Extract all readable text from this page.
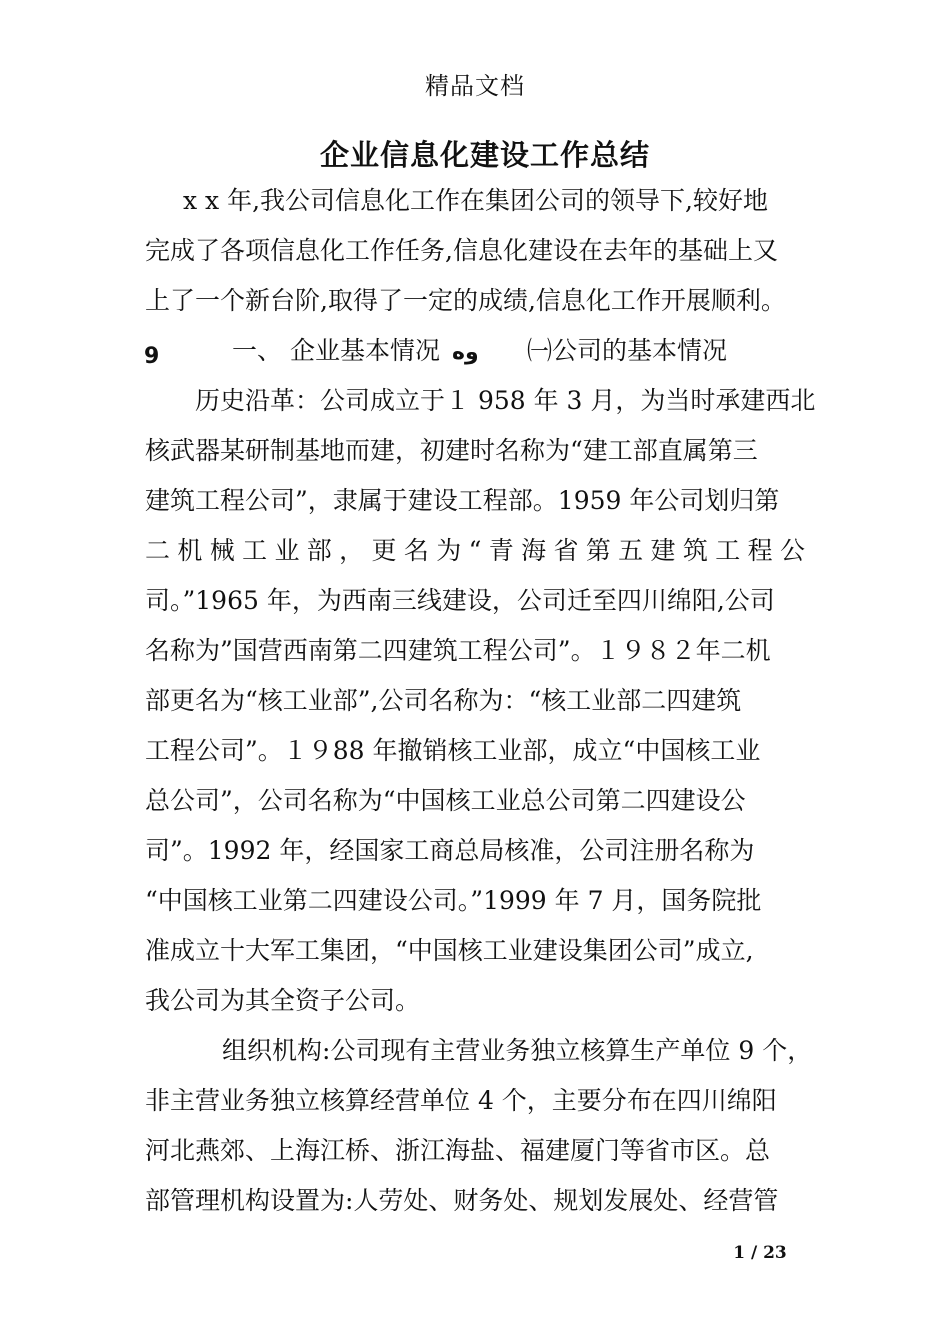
精品文档
企业信息化建设工作总结
x x 年,我公司信息化工作在集团公司的领导下,较好地
完成了各项信息化工作任务,信息化建设在去年的基础上又
上了一个新台阶,取得了一定的成绩,信息化工作开展顺利。
9	一、 企业基本情况 وه ㈠公司的基本情况
历史沿革：公司成立于１ 958 年 3 月，为当时承建西北
核武器某研制基地而建，初建时名称为“建工部直属第三
建筑工程公司”，隶属于建设工程部。1959 年公司划归第
二机械工业部，更名为“青海省第五建筑工程公
司。”1965 年，为西南三线建设，公司迁至四川绵阳,公司
名称为”国营西南第二四建筑工程公司”。１９８２年二机
部更名为“核工业部”,公司名称为：“核工业部二四建筑
工程公司”。１９88 年撤销核工业部，成立“中国核工业
总公司”，公司名称为“中国核工业总公司第二四建设公
司”。1992 年，经国家工商总局核准，公司注册名称为
“中国核工业第二四建设公司。”1999 年 7 月，国务院批
准成立十大军工集团，“中国核工业建设集团公司”成立,
我公司为其全资子公司。
组织机构:公司现有主营业务独立核算生产单位 9 个，
非主营业务独立核算经营单位 4 个，主要分布在四川绵阳
河北燕郊、上海江桥、浙江海盐、福建厦门等省市区。总
部管理机构设置为:人劳处、财务处、规划发展处、经营管
1 / 23
